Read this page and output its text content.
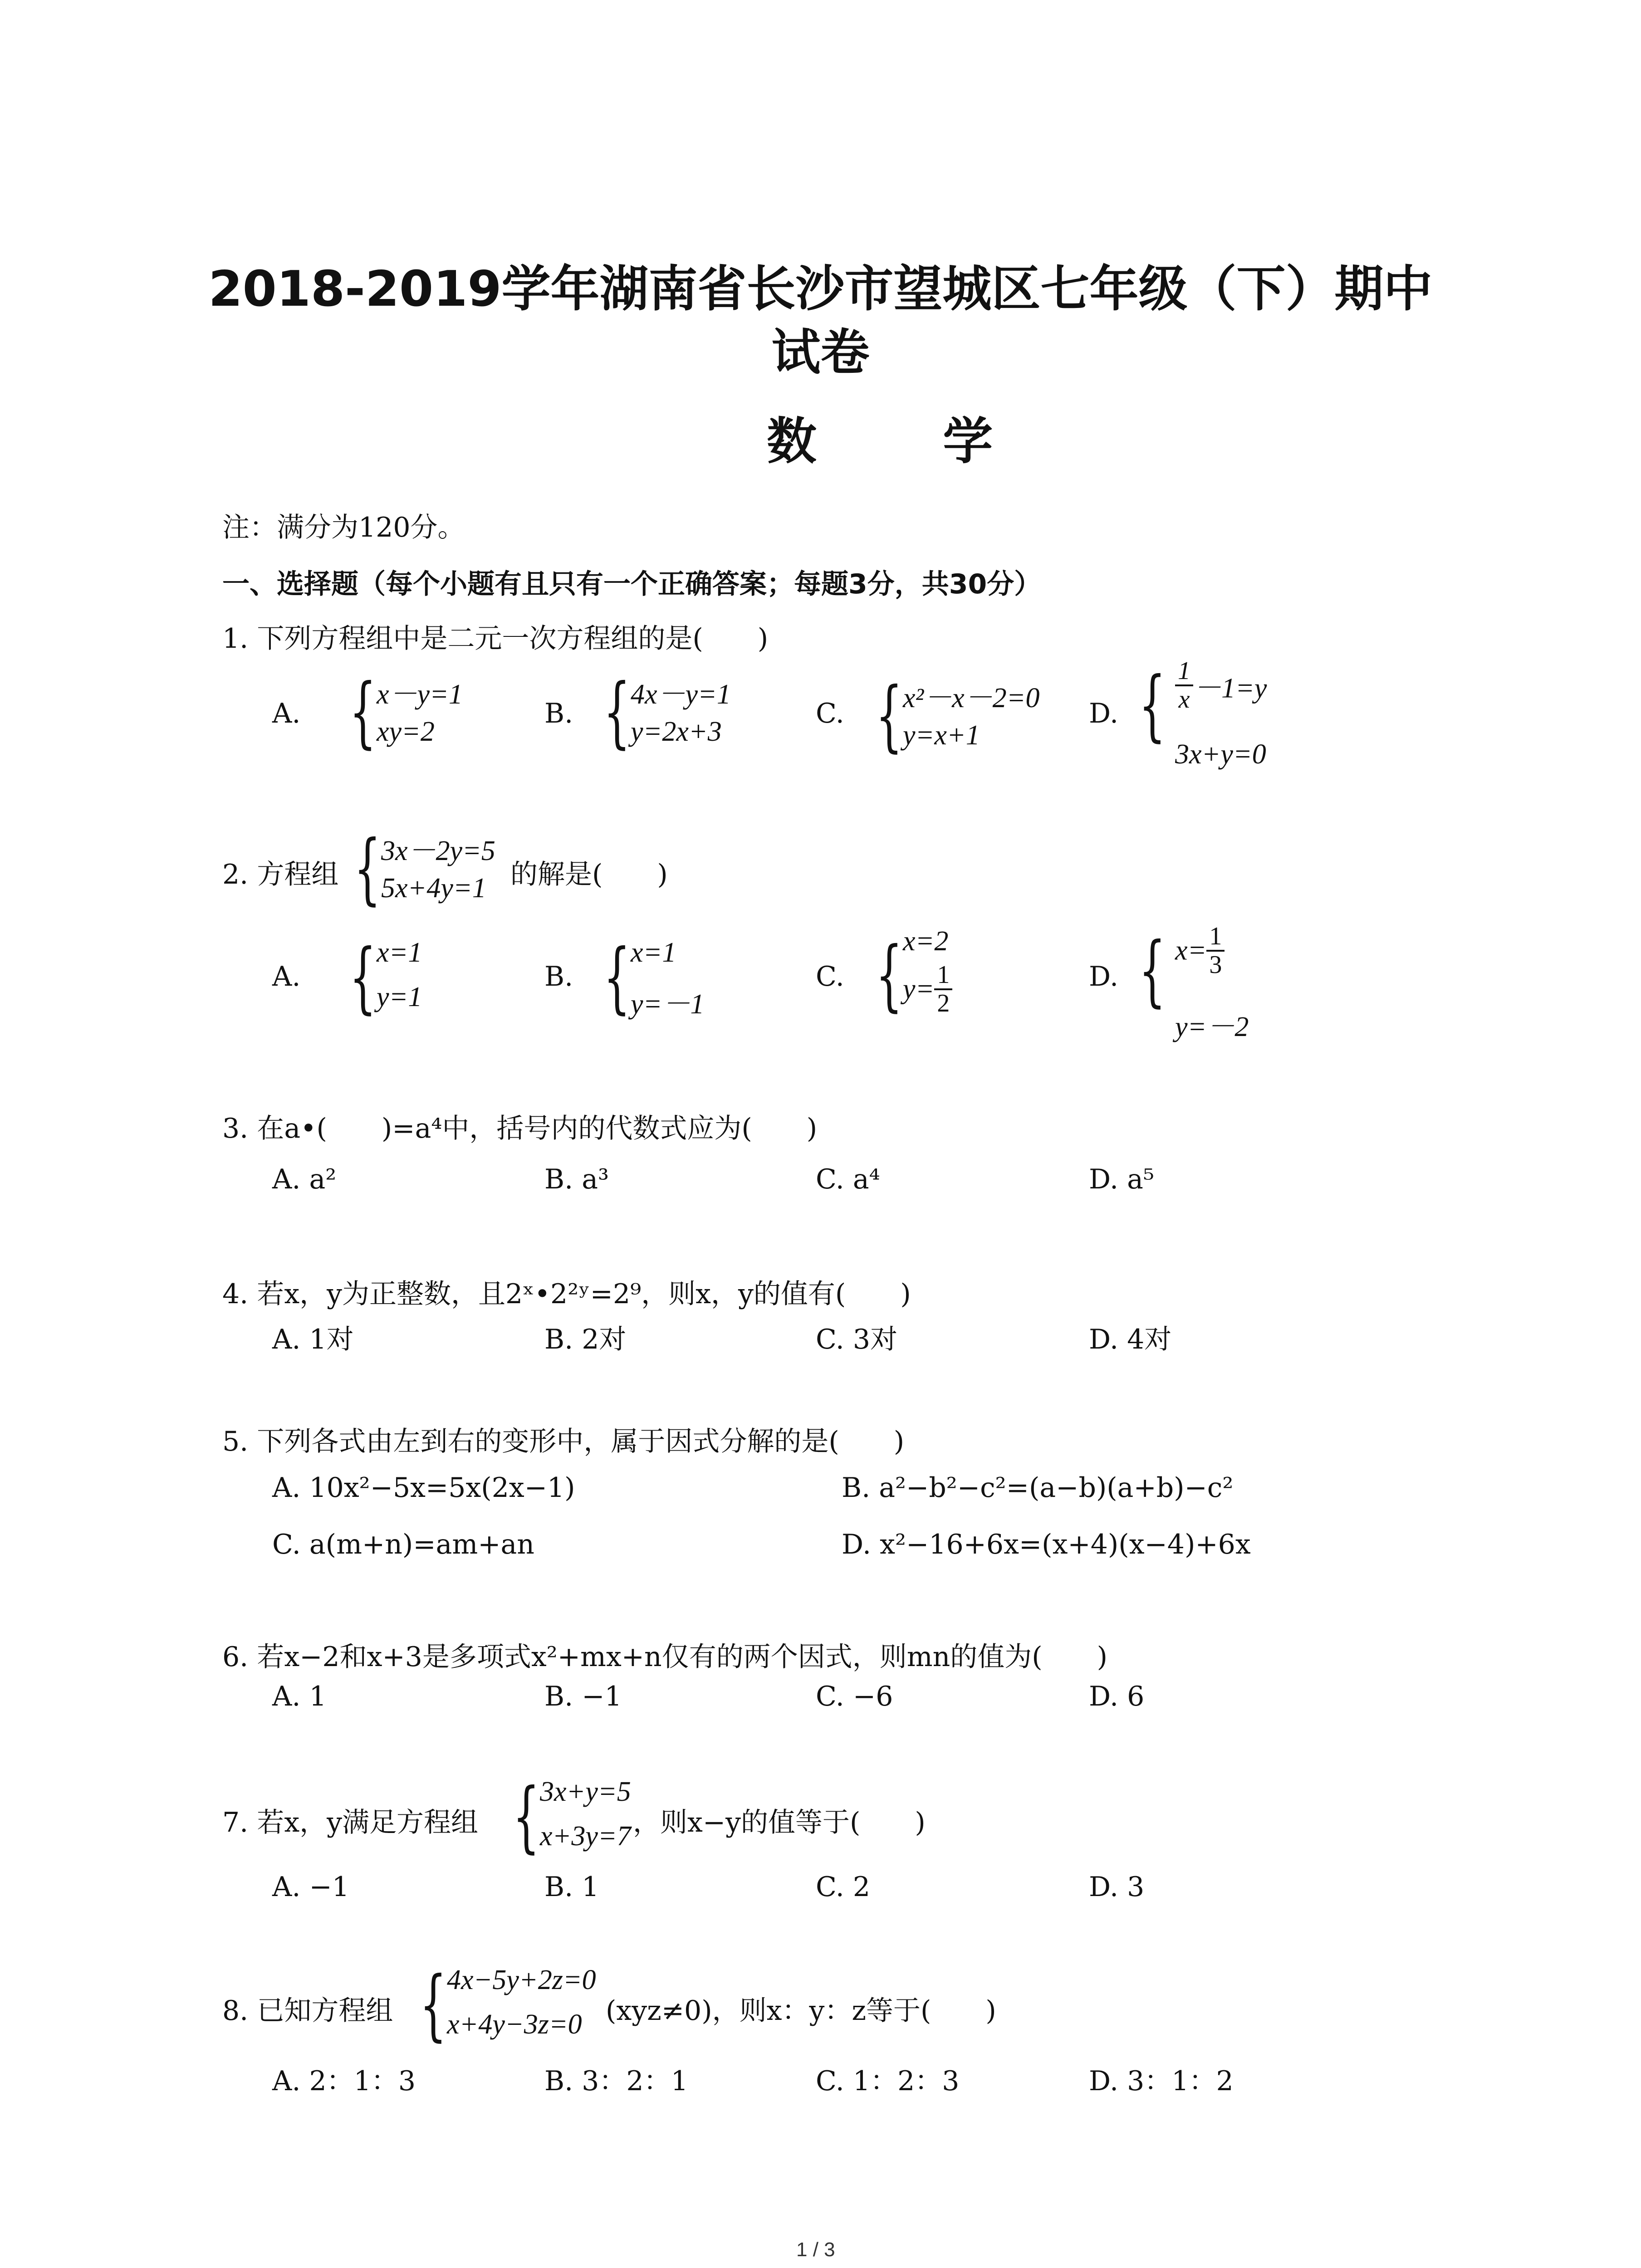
2018-2019学年湖南省长沙市望城区七年级（下）期中
试卷
数 学
注：满分为120分。
一、选择题（每个小题有且只有一个正确答案；每题3分，共30分）
1. 下列方程组中是二元一次方程组的是(　　)
A. { x－y=1
xy=2
B. { 4x－y=1
y=2x+3
C. { x²－x－2=0
y=x+1
D. { $\frac{1}{x} -1=y$
3x+y=0
2. 方程组 { 3x－2y=5
5x+4y=1 的解是(　　)
A. { x=1
y=1
B. { x=1
y=－1
C. { x=2
$y= \frac{1}{2}$	D. { $x= \frac{1}{3}$
y=－2
3. 在a•(　　)=a⁴中，括号内的代数式应为(　　)
A. a²	B. a³	C. a⁴	D. a⁵
4. 若x，y为正整数，且2ˣ•2²ʸ=2⁹，则x，y的值有(　　)
A. 1对	B. 2对	C. 3对	D. 4对
5. 下列各式由左到右的变形中，属于因式分解的是(　　)
A. 10x²−5x=5x(2x−1)	B. a²−b²−c²=(a−b)(a+b)−c²
C. a(m+n)=am+an	D. x²−16+6x=(x+4)(x−4)+6x
6. 若x−2和x+3是多项式x²+mx+n仅有的两个因式，则mn的值为(　　)
A. 1	B. −1	C. −6	D. 6
7. 若x，y满足方程组 { 3x+y=5
x+3y=7 ，则x−y的值等于(　　)
A. −1	B. 1	C. 2	D. 3
8. 已知方程组 { 4x−5y+2z=0
x+4y−3z=0 (xyz≠0)，则x：y：z等于(　　)
A. 2：1：3	B. 3：2：1	C. 1：2：3	D. 3：1：2
1 / 3
